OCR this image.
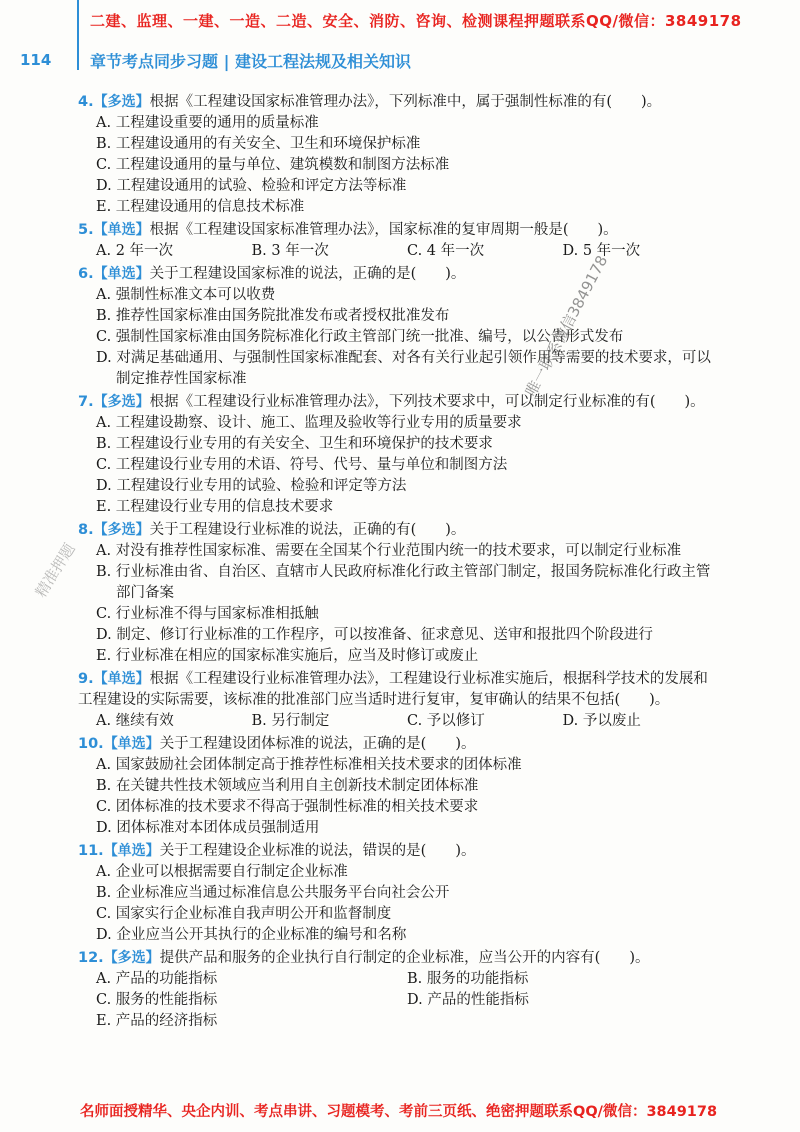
二建、监理、一建、一造、二造、安全、消防、咨询、检测课程押题联系QQ/微信：3849178
114 章节考点同步习题 | 建设工程法规及相关知识
4.【多选】根据《工程建设国家标准管理办法》，下列标准中，属于强制性标准的有(　　)。
A. 工程建设重要的通用的质量标准
B. 工程建设通用的有关安全、卫生和环境保护标准
C. 工程建设通用的量与单位、建筑模数和制图方法标准
D. 工程建设通用的试验、检验和评定方法等标准
E. 工程建设通用的信息技术标准
5.【单选】根据《工程建设国家标准管理办法》，国家标准的复审周期一般是(　　)。
A. 2 年一次	B. 3 年一次	C. 4 年一次	D. 5 年一次
6.【单选】关于工程建设国家标准的说法，正确的是(　　)。
A. 强制性标准文本可以收费
B. 推荐性国家标准由国务院批准发布或者授权批准发布
C. 强制性国家标准由国务院标准化行政主管部门统一批准、编号，以公告形式发布
D. 对满足基础通用、与强制性国家标准配套、对各有关行业起引领作用等需要的技术要求，可以制定推荐性国家标准
7.【多选】根据《工程建设行业标准管理办法》，下列技术要求中，可以制定行业标准的有(　　)。
A. 工程建设勘察、设计、施工、监理及验收等行业专用的质量要求
B. 工程建设行业专用的有关安全、卫生和环境保护的技术要求
C. 工程建设行业专用的术语、符号、代号、量与单位和制图方法
D. 工程建设行业专用的试验、检验和评定等方法
E. 工程建设行业专用的信息技术要求
8.【多选】关于工程建设行业标准的说法，正确的有(　　)。
A. 对没有推荐性国家标准、需要在全国某个行业范围内统一的技术要求，可以制定行业标准
B. 行业标准由省、自治区、直辖市人民政府标准化行政主管部门制定，报国务院标准化行政主管部门备案
C. 行业标准不得与国家标准相抵触
D. 制定、修订行业标准的工作程序，可以按准备、征求意见、送审和报批四个阶段进行
E. 行业标准在相应的国家标准实施后，应当及时修订或废止
9.【单选】根据《工程建设行业标准管理办法》，工程建设行业标准实施后，根据科学技术的发展和工程建设的实际需要，该标准的批准部门应当适时进行复审，复审确认的结果不包括(　　)。
A. 继续有效	B. 另行制定	C. 予以修订	D. 予以废止
10.【单选】关于工程建设团体标准的说法，正确的是(　　)。
A. 国家鼓励社会团体制定高于推荐性标准相关技术要求的团体标准
B. 在关键共性技术领域应当利用自主创新技术制定团体标准
C. 团体标准的技术要求不得高于强制性标准的相关技术要求
D. 团体标准对本团体成员强制适用
11.【单选】关于工程建设企业标准的说法，错误的是(　　)。
A. 企业可以根据需要自行制定企业标准
B. 企业标准应当通过标准信息公共服务平台向社会公开
C. 国家实行企业标准自我声明公开和监督制度
D. 企业应当公开其执行的企业标准的编号和名称
12.【多选】提供产品和服务的企业执行自行制定的企业标准，应当公开的内容有(　　)。
A. 产品的功能指标	B. 服务的功能指标
C. 服务的性能指标	D. 产品的性能指标
E. 产品的经济指标
唯一联系微信3849178
精准押题
名师面授精华、央企内训、考点串讲、习题模考、考前三页纸、绝密押题联系QQ/微信：3849178
